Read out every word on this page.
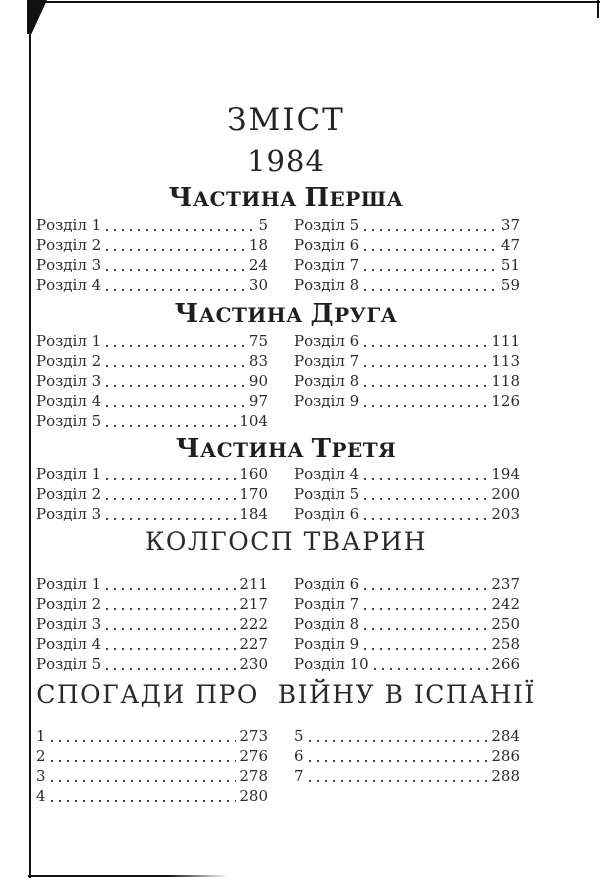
ЗМІСТ
1984
ЧАСТИНА ПЕРША
Розділ 1	5
Розділ 2	18
Розділ 3	24
Розділ 4	30
Розділ 5	37
Розділ 6	47
Розділ 7	51
Розділ 8	59
ЧАСТИНА ДРУГА
Розділ 1	75
Розділ 2	83
Розділ 3	90
Розділ 4	97
Розділ 5	104
Розділ 6	111
Розділ 7	113
Розділ 8	118
Розділ 9	126
ЧАСТИНА ТРЕТЯ
Розділ 1	160
Розділ 2	170
Розділ 3	184
Розділ 4	194
Розділ 5	200
Розділ 6	203
КОЛГОСП ТВАРИН
Розділ 1	211
Розділ 2	217
Розділ 3	222
Розділ 4	227
Розділ 5	230
Розділ 6	237
Розділ 7	242
Розділ 8	250
Розділ 9	258
Розділ 10	266
СПОГАДИ ПРО  ВІЙНУ В ІСПАНІЇ
1	273
2	276
3	278
4	280
5	284
6	286
7	288
